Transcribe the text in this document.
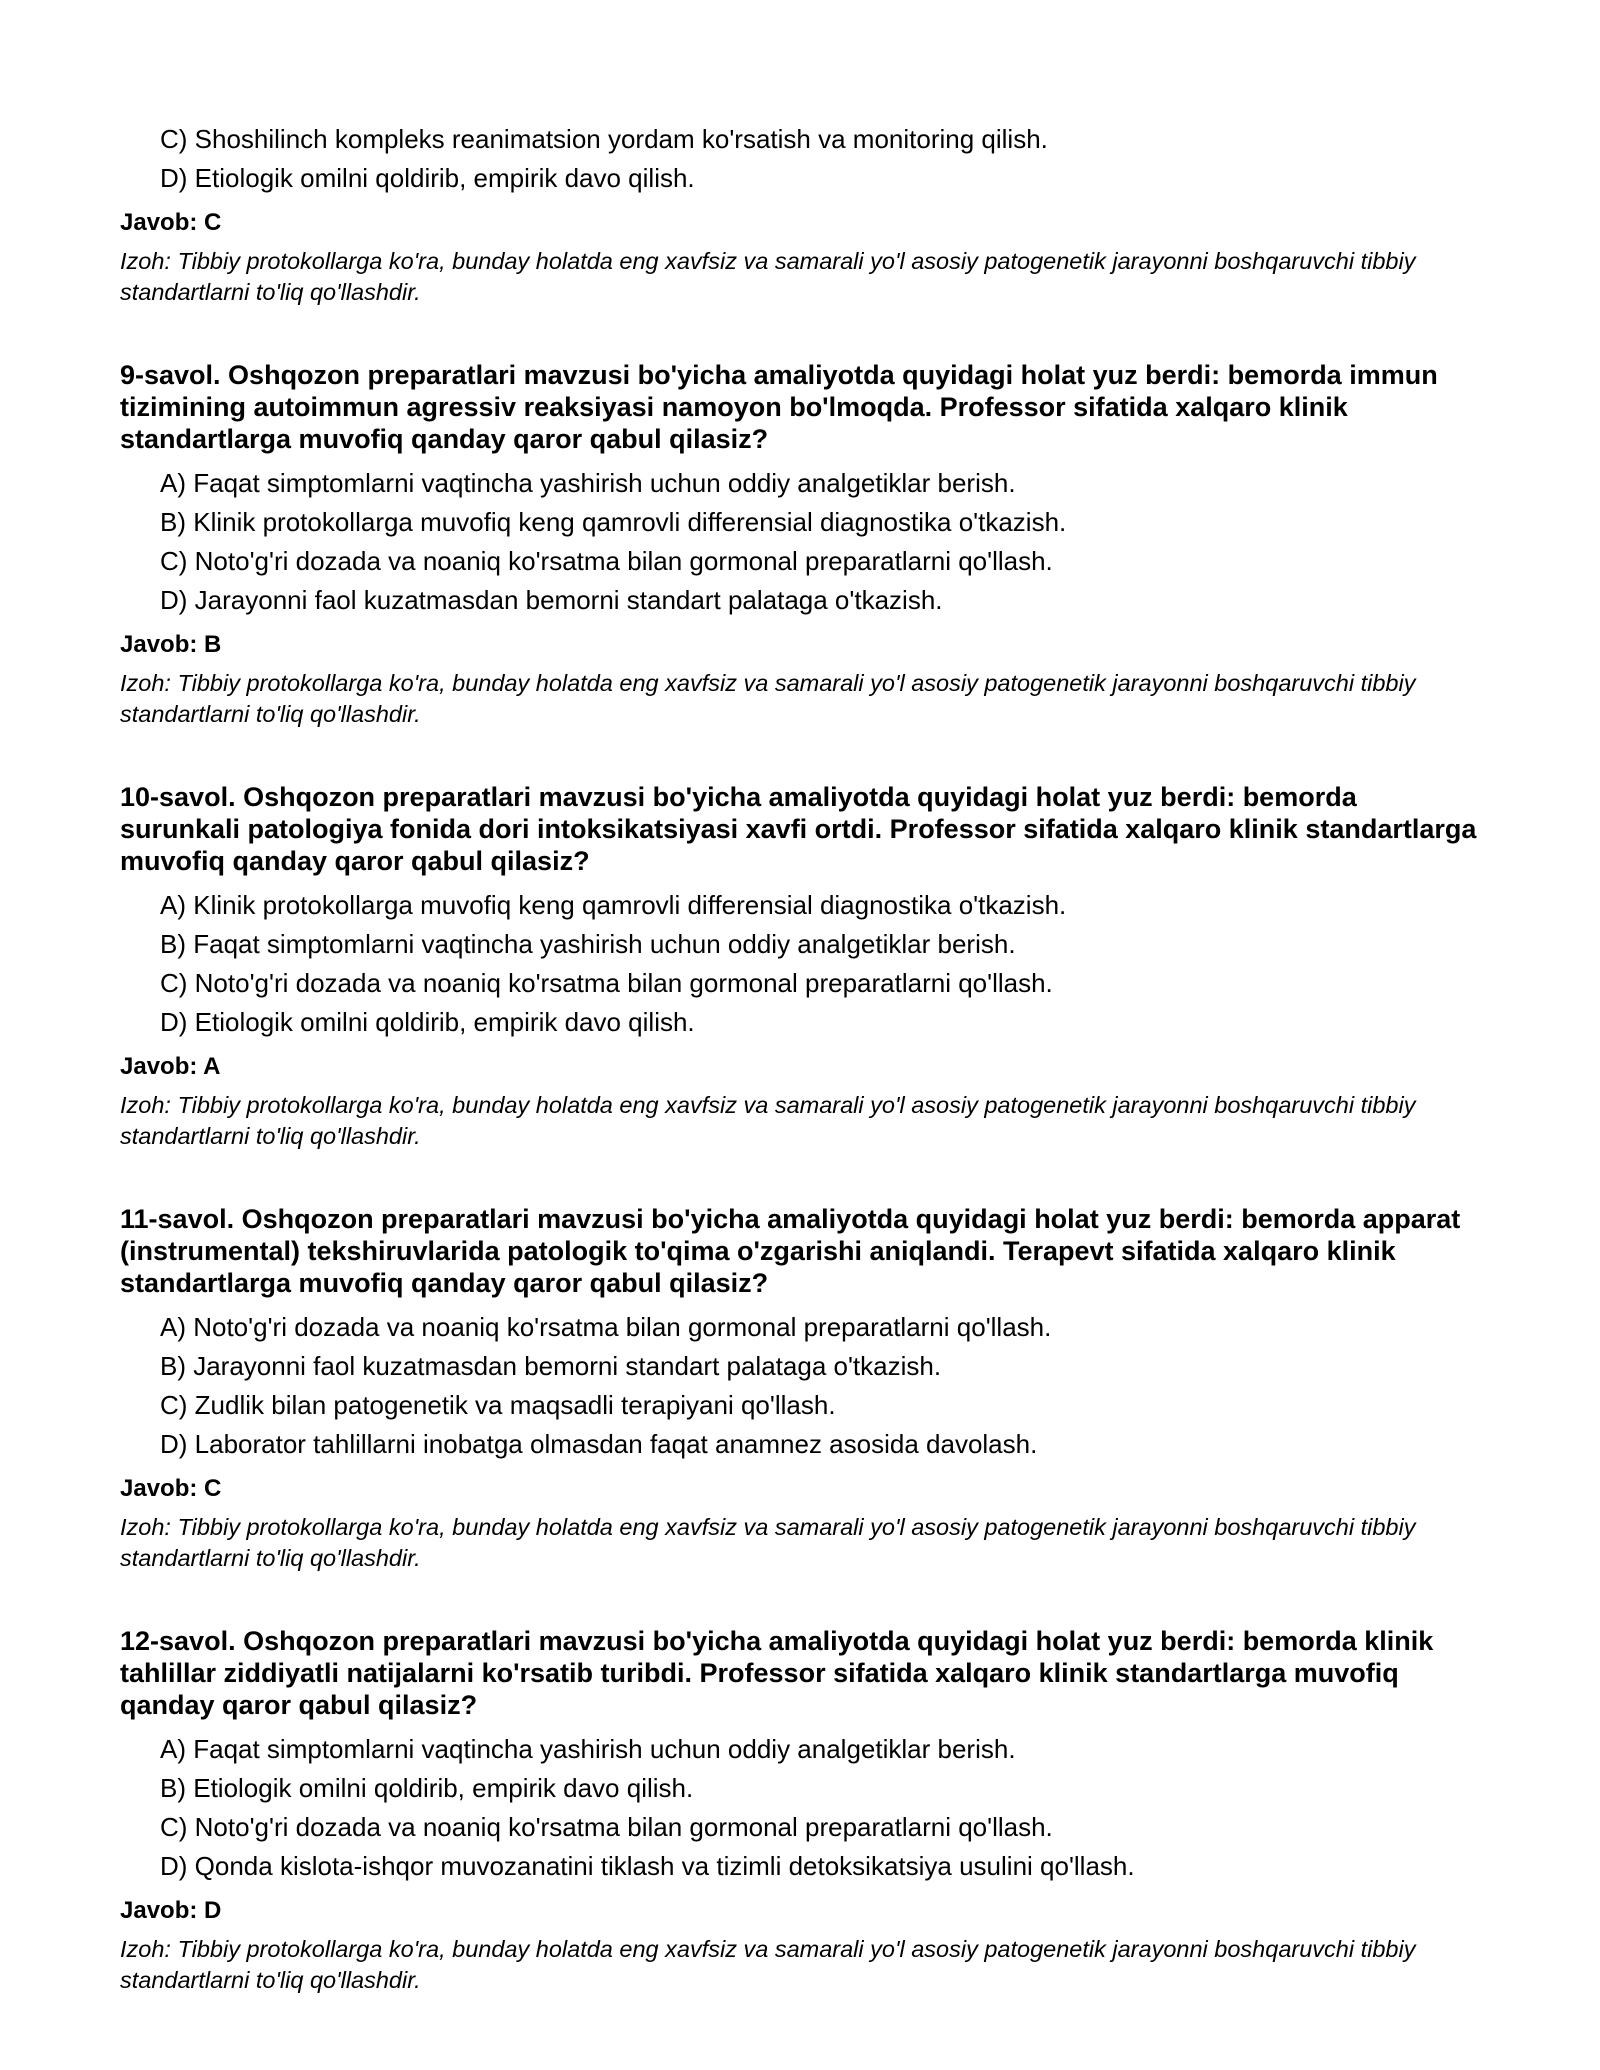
C) Shoshilinch kompleks reanimatsion yordam ko'rsatish va monitoring qilish.
D) Etiologik omilni qoldirib, empirik davo qilish.
Javob: C
Izoh: Tibbiy protokollarga ko'ra, bunday holatda eng xavfsiz va samarali yo'l asosiy patogenetik jarayonni boshqaruvchi tibbiy standartlarni to'liq qo'llashdir.
9-savol. Oshqozon preparatlari mavzusi bo'yicha amaliyotda quyidagi holat yuz berdi: bemorda immun tizimining autoimmun agressiv reaksiyasi namoyon bo'lmoqda. Professor sifatida xalqaro klinik standartlarga muvofiq qanday qaror qabul qilasiz?
A) Faqat simptomlarni vaqtincha yashirish uchun oddiy analgetiklar berish.
B) Klinik protokollarga muvofiq keng qamrovli differensial diagnostika o'tkazish.
C) Noto'g'ri dozada va noaniq ko'rsatma bilan gormonal preparatlarni qo'llash.
D) Jarayonni faol kuzatmasdan bemorni standart palataga o'tkazish.
Javob: B
Izoh: Tibbiy protokollarga ko'ra, bunday holatda eng xavfsiz va samarali yo'l asosiy patogenetik jarayonni boshqaruvchi tibbiy standartlarni to'liq qo'llashdir.
10-savol. Oshqozon preparatlari mavzusi bo'yicha amaliyotda quyidagi holat yuz berdi: bemorda surunkali patologiya fonida dori intoksikatsiyasi xavfi ortdi. Professor sifatida xalqaro klinik standartlarga muvofiq qanday qaror qabul qilasiz?
A) Klinik protokollarga muvofiq keng qamrovli differensial diagnostika o'tkazish.
B) Faqat simptomlarni vaqtincha yashirish uchun oddiy analgetiklar berish.
C) Noto'g'ri dozada va noaniq ko'rsatma bilan gormonal preparatlarni qo'llash.
D) Etiologik omilni qoldirib, empirik davo qilish.
Javob: A
Izoh: Tibbiy protokollarga ko'ra, bunday holatda eng xavfsiz va samarali yo'l asosiy patogenetik jarayonni boshqaruvchi tibbiy standartlarni to'liq qo'llashdir.
11-savol. Oshqozon preparatlari mavzusi bo'yicha amaliyotda quyidagi holat yuz berdi: bemorda apparat (instrumental) tekshiruvlarida patologik to'qima o'zgarishi aniqlandi. Terapevt sifatida xalqaro klinik standartlarga muvofiq qanday qaror qabul qilasiz?
A) Noto'g'ri dozada va noaniq ko'rsatma bilan gormonal preparatlarni qo'llash.
B) Jarayonni faol kuzatmasdan bemorni standart palataga o'tkazish.
C) Zudlik bilan patogenetik va maqsadli terapiyani qo'llash.
D) Laborator tahlillarni inobatga olmasdan faqat anamnez asosida davolash.
Javob: C
Izoh: Tibbiy protokollarga ko'ra, bunday holatda eng xavfsiz va samarali yo'l asosiy patogenetik jarayonni boshqaruvchi tibbiy standartlarni to'liq qo'llashdir.
12-savol. Oshqozon preparatlari mavzusi bo'yicha amaliyotda quyidagi holat yuz berdi: bemorda klinik tahlillar ziddiyatli natijalarni ko'rsatib turibdi. Professor sifatida xalqaro klinik standartlarga muvofiq qanday qaror qabul qilasiz?
A) Faqat simptomlarni vaqtincha yashirish uchun oddiy analgetiklar berish.
B) Etiologik omilni qoldirib, empirik davo qilish.
C) Noto'g'ri dozada va noaniq ko'rsatma bilan gormonal preparatlarni qo'llash.
D) Qonda kislota-ishqor muvozanatini tiklash va tizimli detoksikatsiya usulini qo'llash.
Javob: D
Izoh: Tibbiy protokollarga ko'ra, bunday holatda eng xavfsiz va samarali yo'l asosiy patogenetik jarayonni boshqaruvchi tibbiy standartlarni to'liq qo'llashdir.
